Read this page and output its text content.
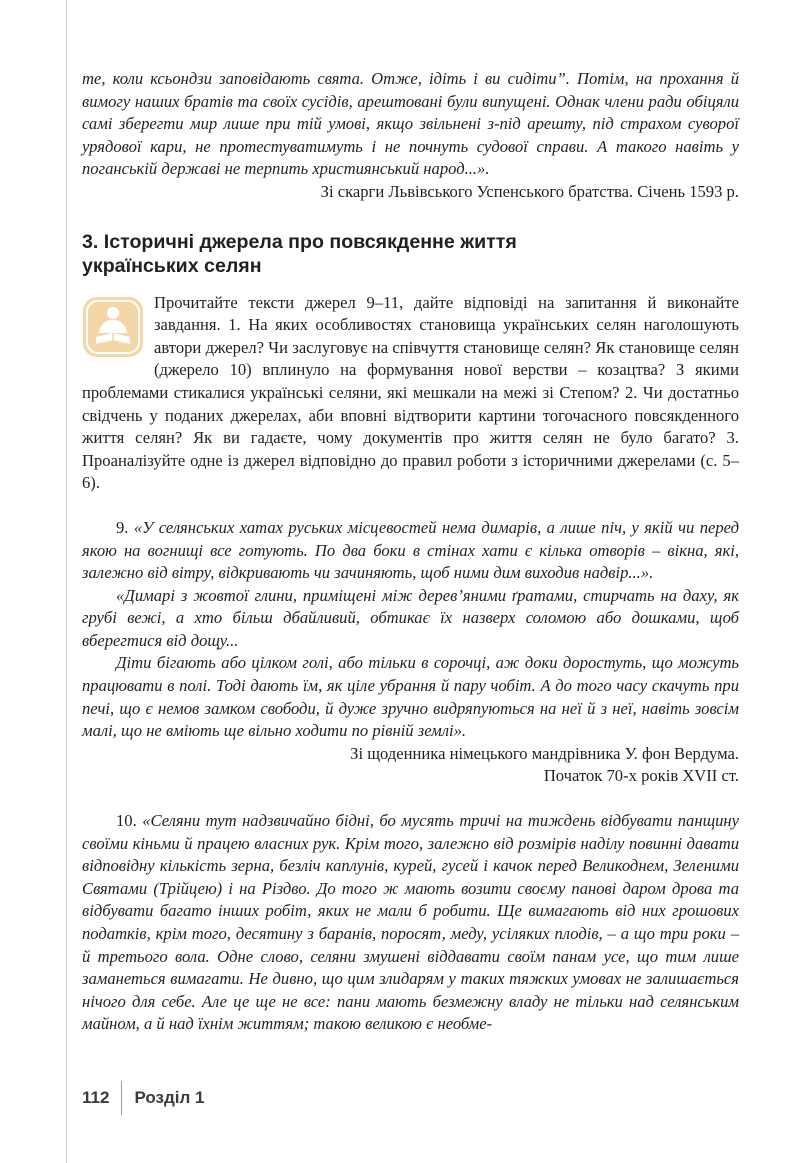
те, коли ксьондзи заповідають свята. Отже, ідіть і ви сидіти”. Потім, на прохання й вимогу наших братів та своїх сусідів, арештовані були випущені. Однак члени ради обіцяли самі зберегти мир лише при тій умові, якщо звільнені з-під арешту, під страхом суворої урядової кари, не протестуватимуть і не почнуть судової справи. А такого навіть у поганській державі не терпить християнський народ...».

Зі скарги Львівського Успенського братства. Січень 1593 р.

3. Історичні джерела про повсякденне життя
українських селян

Прочитайте тексти джерел 9–11, дайте відповіді на запитання й виконайте завдання. 1. На яких особливостях становища українських селян наголошують автори джерел? Чи заслуговує на співчуття становище селян? Як становище селян (джерело 10) вплинуло на формування нової верстви – козацтва? З якими проблемами стикалися українські селяни, які мешкали на межі зі Степом? 2. Чи достатньо свідчень у поданих джерелах, аби вповні відтворити картини тогочасного повсякденного життя селян? Як ви гадаєте, чому документів про життя селян не було багато? 3. Проаналізуйте одне із джерел відповідно до правил роботи з історичними джерелами (с. 5–6).

9. «У селянських хатах руських місцевостей нема димарів, а лише піч, у якій чи перед якою на вогнищі все готують. По два боки в стінах хати є кілька отворів – вікна, які, залежно від вітру, відкривають чи зачиняють, щоб ними дим виходив надвір...».

«Димарі з жовтої глини, приміщені між дерев’яними ґратами, стирчать на даху, як грубі вежі, а хто більш дбайливий, обтикає їх назверх соломою або дошками, щоб вберегтися від дощу...

Діти бігають або цілком голі, або тільки в сорочці, аж доки доростуть, що можуть працювати в полі. Тоді дають їм, як ціле убрання й пару чобіт. А до того часу скачуть при печі, що є немов замком свободи, й дуже зручно видряпуються на неї й з неї, навіть зовсім малі, що не вміють ще вільно ходити по рівній землі».

Зі щоденника німецького мандрівника У. фон Вердума.

Початок 70-х років XVII ст.

10. «Селяни тут надзвичайно бідні, бо мусять тричі на тиждень відбувати панщину своїми кіньми й працею власних рук. Крім того, залежно від розмірів наділу повинні давати відповідну кількість зерна, безліч каплунів, курей, гусей і качок перед Великоднем, Зеленими Святами (Трійцею) і на Різдво. До того ж мають возити своєму панові даром дрова та відбувати багато інших робіт, яких не мали б робити. Ще вимагають від них грошових податків, крім того, десятину з баранів, поросят, меду, усіляких плодів, – а що три роки – й третього вола. Одне слово, селяни змушені віддавати своїм панам усе, що тим лише заманеться вимагати. Не дивно, що цим злидарям у таких тяжких умовах не залишається нічого для себе. Але це ще не все: пани мають безмежну владу не тільки над селянським майном, а й над їхнім життям; такою великою є необме-

112 Розділ 1
